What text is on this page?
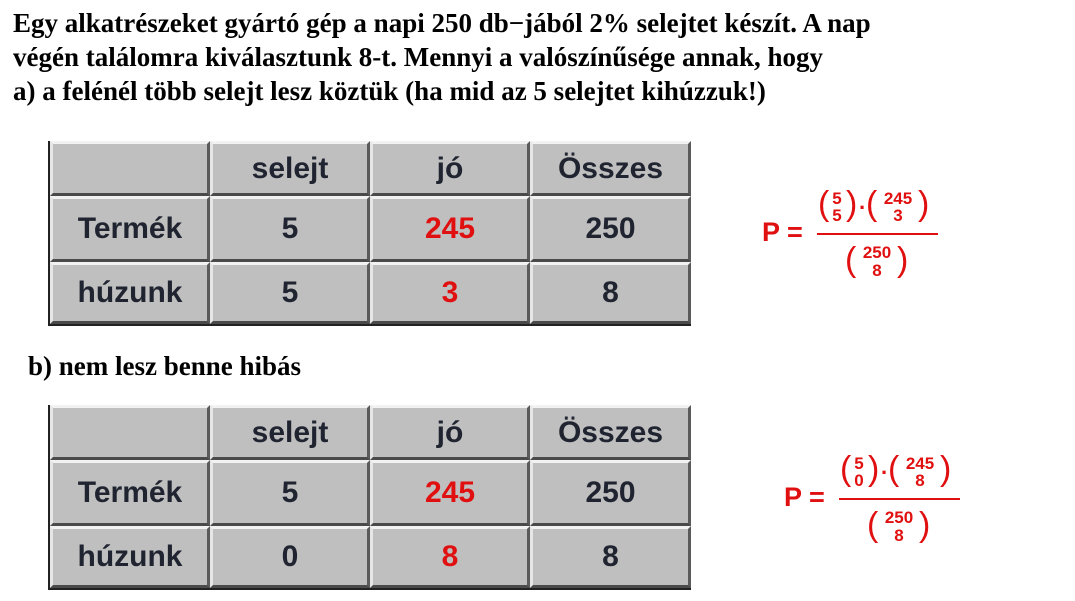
Egy alkatrészeket gyártó gép a napi 250 db−jából 2% selejtet készít. A nap
végén találomra kiválasztunk 8-t. Mennyi a valószínűsége annak, hogy
a) a felénél több selejt lesz köztük (ha mid az 5 selejtet kihúzzuk!)
selejt	jó	Összes
Termék	5	245	250
húzunk	5	3	8
P =
( 5
5 ) · ( 245
3 )
( 250
8 )
b) nem lesz benne hibás
selejt	jó	Összes
Termék	5	245	250
húzunk	0	8	8
P =
( 5
0 ) · ( 245
8 )
( 250
8 )
